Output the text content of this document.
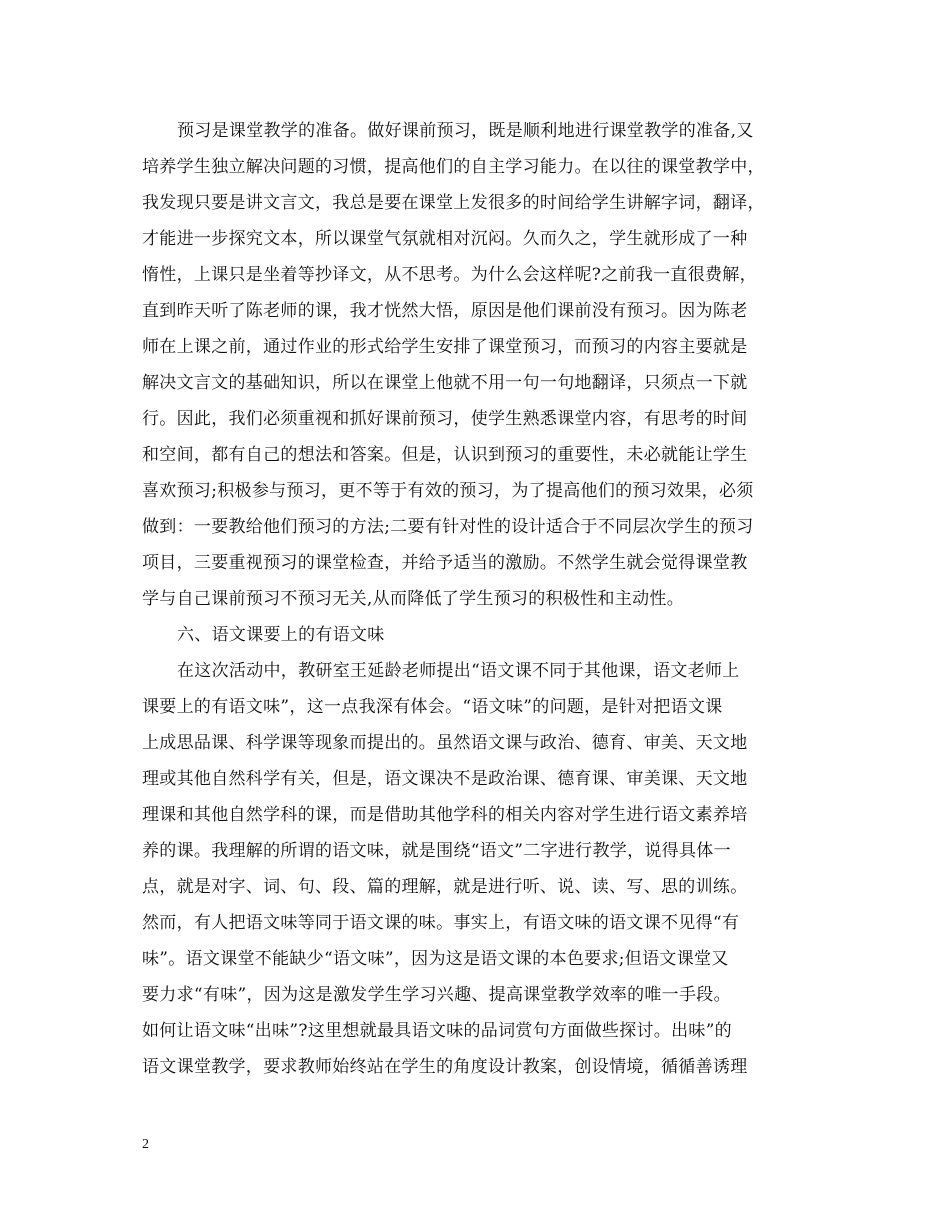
预习是课堂教学的准备。做好课前预习，既是顺利地进行课堂教学的准备,又
培养学生独立解决问题的习惯，提高他们的自主学习能力。在以往的课堂教学中，
我发现只要是讲文言文，我总是要在课堂上发很多的时间给学生讲解字词，翻译，
才能进一步探究文本，所以课堂气氛就相对沉闷。久而久之，学生就形成了一种
惰性，上课只是坐着等抄译文，从不思考。为什么会这样呢?之前我一直很费解，
直到昨天听了陈老师的课，我才恍然大悟，原因是他们课前没有预习。因为陈老
师在上课之前，通过作业的形式给学生安排了课堂预习，而预习的内容主要就是
解决文言文的基础知识，所以在课堂上他就不用一句一句地翻译，只须点一下就
行。因此，我们必须重视和抓好课前预习，使学生熟悉课堂内容，有思考的时间
和空间，都有自己的想法和答案。但是，认识到预习的重要性，未必就能让学生
喜欢预习;积极参与预习，更不等于有效的预习，为了提高他们的预习效果，必须
做到：一要教给他们预习的方法;二要有针对性的设计适合于不同层次学生的预习
项目，三要重视预习的课堂检查，并给予适当的激励。不然学生就会觉得课堂教
学与自己课前预习不预习无关,从而降低了学生预习的积极性和主动性。
六、语文课要上的有语文味
在这次活动中，教研室王延龄老师提出“语文课不同于其他课，语文老师上
课要上的有语文味”，这一点我深有体会。“语文味”的问题，是针对把语文课
上成思品课、科学课等现象而提出的。虽然语文课与政治、德育、审美、天文地
理或其他自然科学有关，但是，语文课决不是政治课、德育课、审美课、天文地
理课和其他自然学科的课，而是借助其他学科的相关内容对学生进行语文素养培
养的课。我理解的所谓的语文味，就是围绕“语文”二字进行教学，说得具体一
点，就是对字、词、句、段、篇的理解，就是进行听、说、读、写、思的训练。
然而，有人把语文味等同于语文课的味。事实上，有语文味的语文课不见得“有
味”。语文课堂不能缺少“语文味”，因为这是语文课的本色要求;但语文课堂又
要力求“有味”，因为这是激发学生学习兴趣、提高课堂教学效率的唯一手段。
如何让语文味“出味”?这里想就最具语文味的品词赏句方面做些探讨。出味”的
语文课堂教学，要求教师始终站在学生的角度设计教案，创设情境，循循善诱理
2
